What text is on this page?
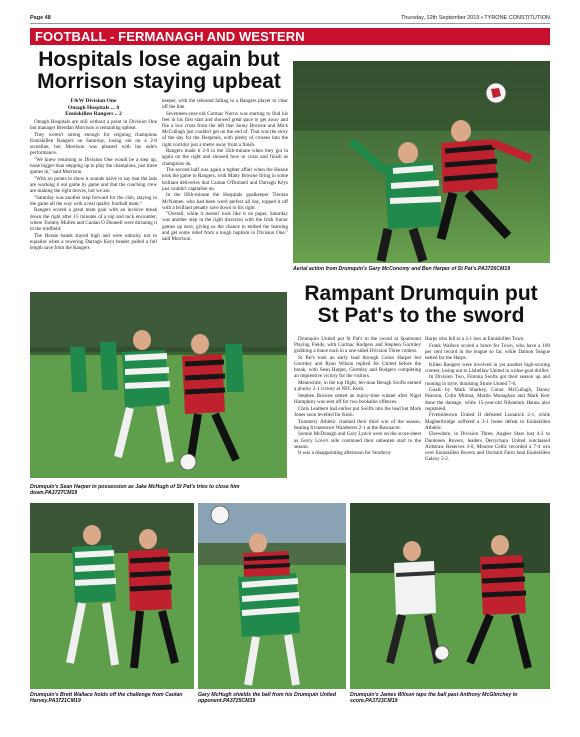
Page 48	Thursday, 12th September 2019 • TYRONE CONSTITUTION
FOOTBALL - FERMANAGH AND WESTERN
Hospitals lose again but Morrison staying upbeat
F&W Division One
Omagh Hospitals ... 0
Enniskillen Rangers .. 2

Omagh Hospitals are still without a point in Division One but manager Brendan Morrison is remaining upbeat.

They weren't strong enough for reigning champions Enniskillen Rangers on Saturday, losing out on a 2-0 scoreline, but Morrison was pleased with his side's performance.

"We knew returning to Division One would be a step up, none bigger than stepping up to play the champions, just three games in," said Morrison.

"With no points to show it sounds naive to say that the lads are working it out game by game and that the coaching crew are making the right moves, but we are.

"Saturday was another step forward for the club, staying in the game all the way with a real quality football team."

Rangers scored a great team goal with an incisive break down the right after 15 minutes of a nip and tuck encounter, where Tommy Mullen and Caolan O Donnell were dictating it in the midfield.

The Hossie heads stayed high and were unlucky not to equalise when a towering Darragh Keys header pulled a full length save from the Rangers

keeper, with the rebound falling to a Rangers player to clear off the line.

Seventeen-year-old Cormac Norris was starting to find his feet in his first start and showed great pace to get away and fire a low cross from the left that Jonny Browne and Mick McCullagh just couldn't get on the end of. That was the story of the day for the Hospitals, with plenty of crosses into the right corridor just a metre away from a finish.

Rangers made it 2-0 in the 35th-minute when they got in again on the right and showed how to cross and finish as champions do.

The second half was again a tighter affair when the Hossie took the game to Rangers, with Matty Browne firing in some brilliant deliveries that Caolan O'Donnell and Darragh Keys just couldn't capitalise on.

In the 85th-minute the Hospitals goalkeeper Tiernan McNamee, who had been word perfect all day, topped it off with a brilliant penalty save down to his right.

"Overall, while it doesn't look like it on paper, Saturday was another step in the right direction with the Irish Junior games up next, giving us the chance to embed the learning and get some relief from a tough baptism in Division One," said Morrison.

Aerial action from Drumquin's Gary McConomy and Ben Harper of St Pat's.PA3726CM19
Rampant Drumquin put St Pat's to the sword
Drumquin's Sean Harper in possession as Jake McHugh of St Pat's tries to close him down.PA3727CM19

Drumquin United put St Pat's to the sword at Spamount Playing Fields, with Cormac Rodgers and Stephen Gormley grabbing a brace each in a one-sided Division Three contest.

St Pat's took an early lead through Conor Harper but Gormley and Ryan Wilson replied for United before the break, with Sean Harper, Gormley and Rodgers completing an impressive victory for the visitors.

Meanwhile, in the top flight, ten-man Beragh Swifts earned a plucky 2-1 victory at NFC Kesh.

Stephen Browne netted an injury-time winner after Nigel Humphrey was sent off for two bookable offences.

Chris Leathem had earlier put Swifts into the lead but Mark Jones soon levelled for Kesh.

Tummery Athletic claimed their third win of the season, beating Irvinestown Wanderers 2-1 at the Bawnacre.

Sonnie McDonagh and Gary Lynch were on the score-sheet as Gerry Love's side continued their unbeaten start to the season.

It was a disappointing afternoon for Strathroy

Harps who fell to a 2-1 loss at Enniskillen Town.

Frank Wallace scored a brace for Town, who have a 100 per cent record in the league so far, while Damon Teague netted for the Harps.

Killen Rangers were involved in yet another high-scoring contest, losing out to Lisbellaw United in a nine-goal thriller.

In Division Two, Fintona Swifts got their season up and running in style, thrashing Strule United 7-0.

Goals by Mark Sharkey, Conor McCullagh, Danny Pearson, Colin Mimna, Martin Monaghan and Mark Kerr done the damage, while 15-year-old Niboelum Hanna also registered.

Fivemiletown United II defeated Lisnarick 2-1, while Magheribridge suffered a 3-1 home defeat to Enniskillen Athletic.

Elsewhere, in Division Three, Augher Stars lost 4-3 to Dunbreen Rovers, leaders Derrychara United outclassed Ardstraw Reserves 3-0, Mourne Celtic recorded a 7-4 win over Enniskillen Rovers and Orchard Farm beat Enniskillen Galaxy 5-2.

Drumquin's Brett Wallace holds off the challenge from Caolan Harvey.PA3721CM19
Gary McHugh shields the ball from his Drumquin United opponent.PA3725CM19
Drumquin's James Wilson taps the ball past Anthony McGlinchey to score.PA3723CM19
